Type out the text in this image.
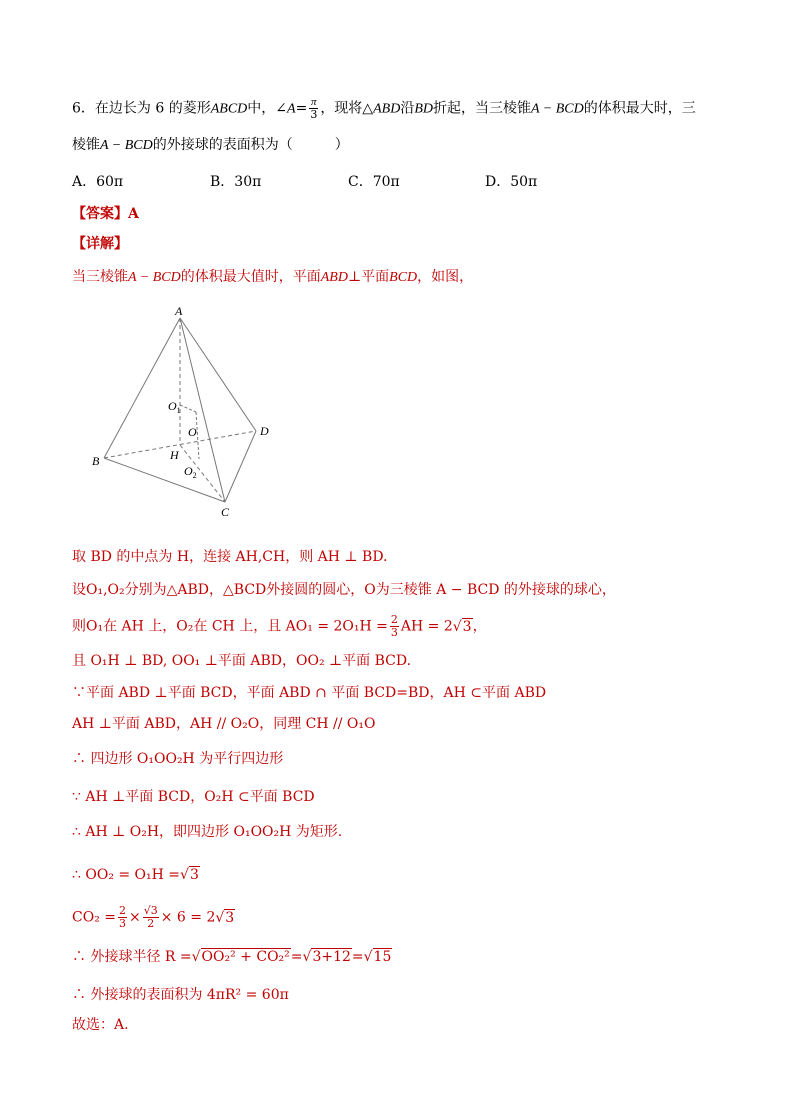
6．在边长为 6 的菱形ABCD中，∠A= $\frac{\pi}{3}$ ，现将△ABD沿BD折起，当三棱锥A − BCD的体积最大时，三
棱锥A − BCD的外接球的表面积为（　　　）
A．60π	B．30π	C．70π	D．50π
【答案】A
【详解】
当三棱锥A − BCD的体积最大值时，平面ABD⊥平面BCD，如图，
A
B
C
D
$O_1$
O
H
$O_2$
取 BD 的中点为 H，连接 AH,CH，则 AH ⊥ BD.
设O₁,O₂分别为△ABD，△BCD外接圆的圆心，O为三棱锥 A − BCD 的外接球的球心，
则O₁在 AH 上，O₂在 CH 上，且 $AO_1 = 2O_1H = \frac{2}{3}$ AH = 2√3，
且 O₁H ⊥ BD, OO₁ ⊥平面 ABD，OO₂ ⊥平面 BCD.
∵平面 ABD ⊥平面 BCD，平面 ABD ∩ 平面 BCD=BD，AH ⊂平面 ABD
AH ⊥平面 ABD，AH // O₂O，同理 CH // O₁O
∴ 四边形 O₁OO₂H 为平行四边形
∵ AH ⊥平面 BCD，O₂H ⊂平面 BCD
∴ AH ⊥ O₂H，即四边形 O₁OO₂H 为矩形.
∴ OO₂ = O₁H =√3
$CO_2 = \frac{2}{3} \times \frac{√3}{2} \times 6 = 2√3$
∴ 外接球半径 R =√OO₂² + CO₂²=√3+12=√15
∴ 外接球的表面积为 4πR² = 60π
故选：A.
